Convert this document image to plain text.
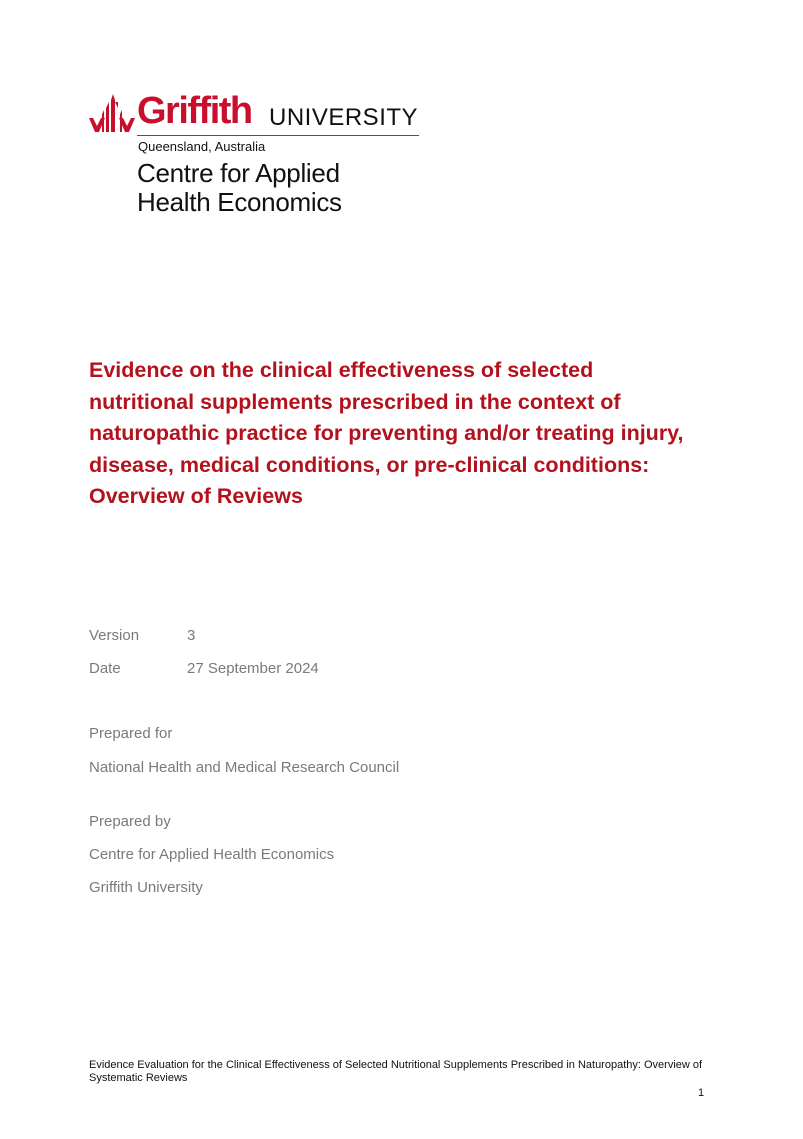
Griffith UNIVERSITY
Queensland, Australia
Centre for Applied
Health Economics
Evidence on the clinical effectiveness of selected nutritional supplements prescribed in the context of naturopathic practice for preventing and/or treating injury, disease, medical conditions, or pre-clinical conditions: Overview of Reviews
Version	3
Date	27 September 2024
Prepared for
National Health and Medical Research Council
Prepared by
Centre for Applied Health Economics
Griffith University
Evidence Evaluation for the Clinical Effectiveness of Selected Nutritional Supplements Prescribed in Naturopathy: Overview of Systematic Reviews
1
